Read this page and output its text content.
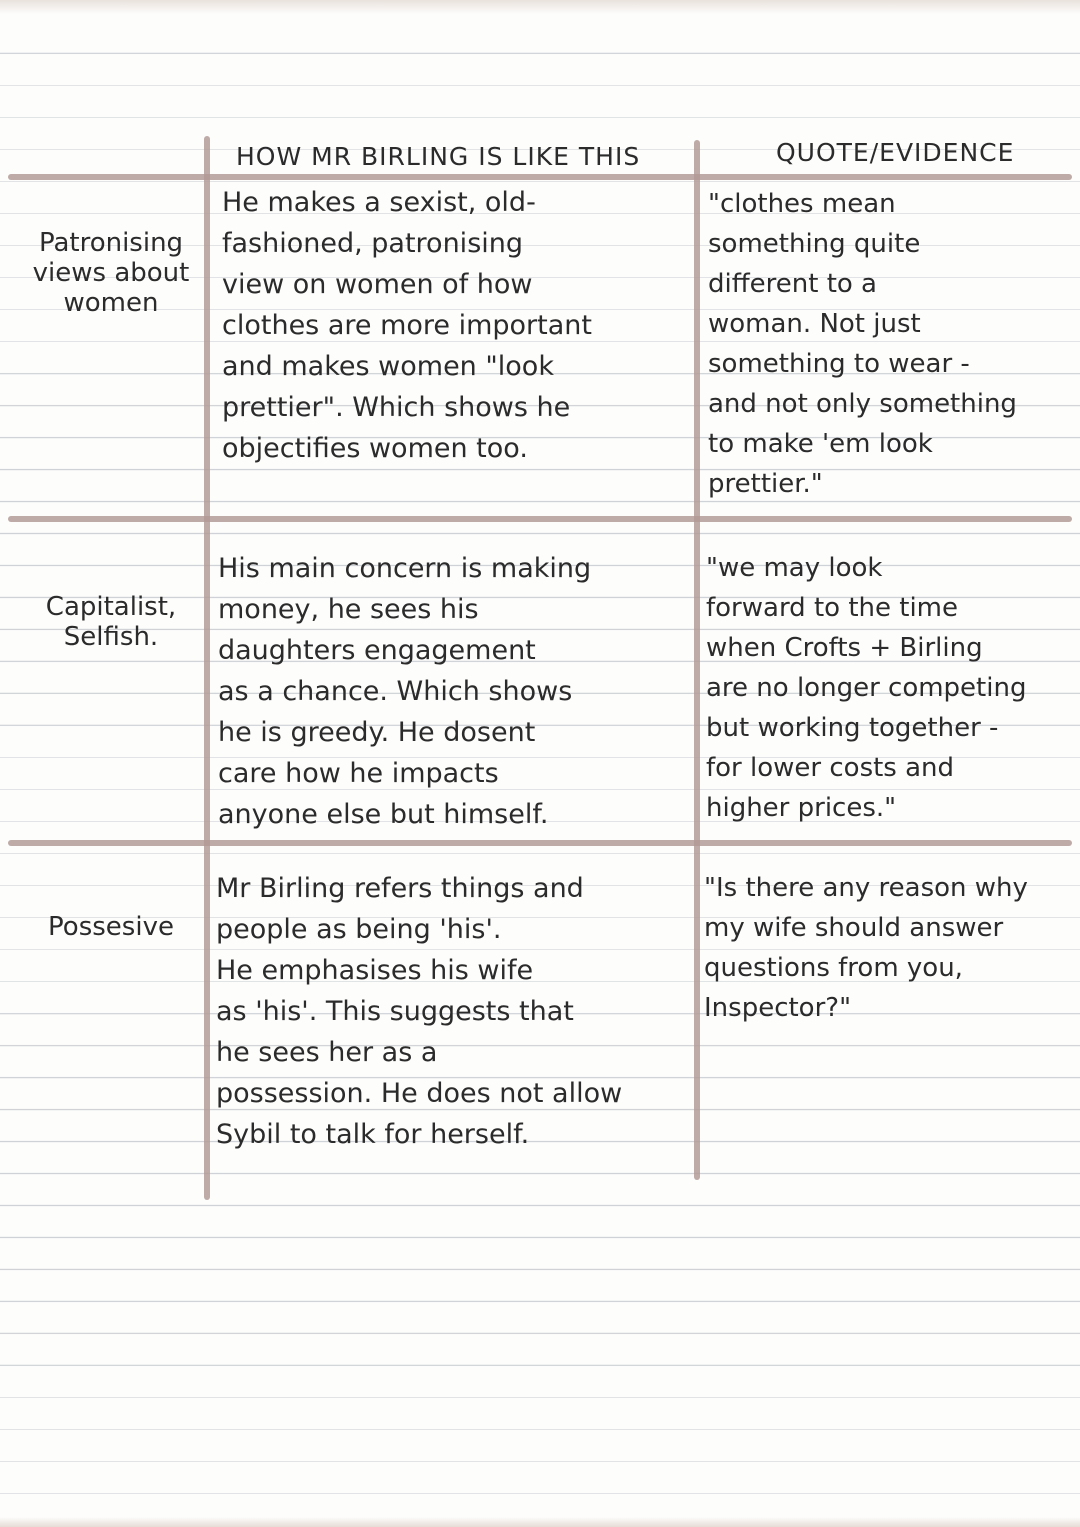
HOW MR BIRLING IS LIKE THIS	QUOTE/EVIDENCE
Patronising
views about
women
He makes a sexist, old-
fashioned, patronising
view on women of how
clothes are more important
and makes women "look
prettier". Which shows he
objectifies women too.
"clothes mean
something quite
different to a
woman. Not just
something to wear -
and not only something
to make 'em look
prettier."
Capitalist,
Selfish.
His main concern is making
money, he sees his
daughters engagement
as a chance. Which shows
he is greedy. He dosent
care how he impacts
anyone else but himself.
"we may look
forward to the time
when Crofts + Birling
are no longer competing
but working together -
for lower costs and
higher prices."
Possesive
Mr Birling refers things and
people as being 'his'.
He emphasises his wife
as 'his'. This suggests that
he sees her as a
possession. He does not allow
Sybil to talk for herself.
"Is there any reason why
my wife should answer
questions from you,
Inspector?"
